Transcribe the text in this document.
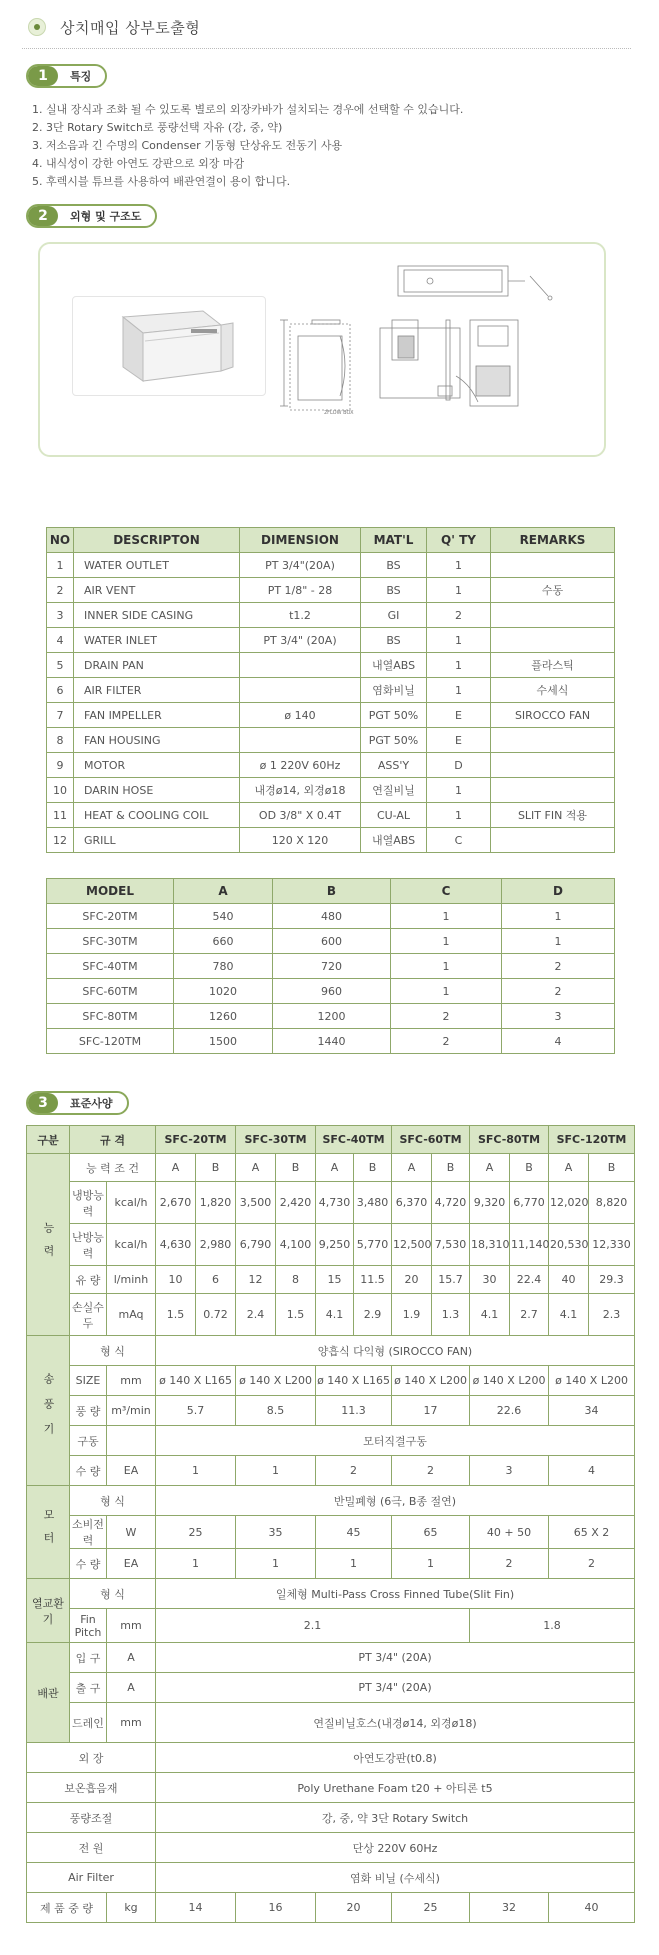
상치매입 상부토출형
1	특징
1. 실내 장식과 조화 될 수 있도록 별로의 외장카바가 설치되는 경우에 선택할 수 있습니다.
2. 3단 Rotary Switch로 풍량선택 자유 (강, 중, 약)
3. 저소음과 긴 수명의 Condenser 기동형 단상유도 전동기 사용
4. 내식성이 강한 아연도 강판으로 외장 마감
5. 후렉시블 튜브를 사용하여 배관연결이 용이 합니다.
2	외형 및 구조도
2FLOW BOX
NO	DESCRIPTON	DIMENSION	MAT'L	Q' TY	REMARKS
1	WATER OUTLET	PT 3/4"(20A)	BS	1	
2	AIR VENT	PT 1/8" - 28	BS	1	수동
3	INNER SIDE CASING	t1.2	GI	2	
4	WATER INLET	PT 3/4" (20A)	BS	1	
5	DRAIN PAN		내열ABS	1	플라스틱
6	AIR FILTER		염화비닐	1	수세식
7	FAN IMPELLER	ø 140	PGT 50%	E	SIROCCO FAN
8	FAN HOUSING		PGT 50%	E	
9	MOTOR	ø 1 220V 60Hz	ASS'Y	D	
10	DARIN HOSE	내경ø14, 외경ø18	연질비닐	1	
11	HEAT & COOLING COIL	OD 3/8" X 0.4T	CU-AL	1	SLIT FIN 적용
12	GRILL	120 X 120	내열ABS	C	
MODEL	A	B	C	D
SFC-20TM	540	480	1	1
SFC-30TM	660	600	1	1
SFC-40TM	780	720	1	2
SFC-60TM	1020	960	1	2
SFC-80TM	1260	1200	2	3
SFC-120TM	1500	1440	2	4
3	표준사양
구분	규 격		SFC-20TM		SFC-30TM		SFC-40TM		SFC-60TM		SFC-80TM		SFC-120TM	
능력	능 력 조 건		A	B	A	B	A	B	A	B	A	B	A	B
	냉방능력	kcal/h	2,670	1,820	3,500	2,420	4,730	3,480	6,370	4,720	9,320	6,770	12,020	8,820
	난방능력	kcal/h	4,630	2,980	6,790	4,100	9,250	5,770	12,500	7,530	18,310	11,140	20,530	12,330
	유 량	l/minh	10	6	12	8	15	11.5	20	15.7	30	22.4	40	29.3
	손실수두	mAq	1.5	0.72	2.4	1.5	4.1	2.9	1.9	1.3	4.1	2.7	4.1	2.3
송풍기	형 식		양흡식 다익형 (SIROCCO FAN)											
	SIZE	mm	ø 140 X L165		ø 140 X L200		ø 140 X L165		ø 140 X L200		ø 140 X L200		ø 140 X L200	
	풍 량	m³/min	5.7		8.5		11.3		17		22.6		34	
	구동		모터직결구동											
	수 량	EA	1		1		2		2		3		4	
모터	형 식		반밀폐형 (6극, B종 절연)											
	소비전력	W	25		35		45		65		40 + 50		65 X 2	
	수 량	EA	1		1		1		1		2		2	
열교환기	형 식		일체형 Multi-Pass Cross Finned Tube(Slit Fin)											
	Fin Pitch	mm	2.1								1.8			
배관	입 구	A	PT 3/4" (20A)											
	출 구	A	PT 3/4" (20A)											
	드레인	mm	연질비닐호스(내경ø14, 외경ø18)											
외 장			아연도강판(t0.8)											
보온흡음재			Poly Urethane Foam t20 + 아티론 t5											
풍량조절			강, 중, 약 3단 Rotary Switch											
전 원			단상 220V 60Hz											
Air Filter			염화 비닐 (수세식)											
제 품 중 량		kg	14		16		20		25		32		40	
